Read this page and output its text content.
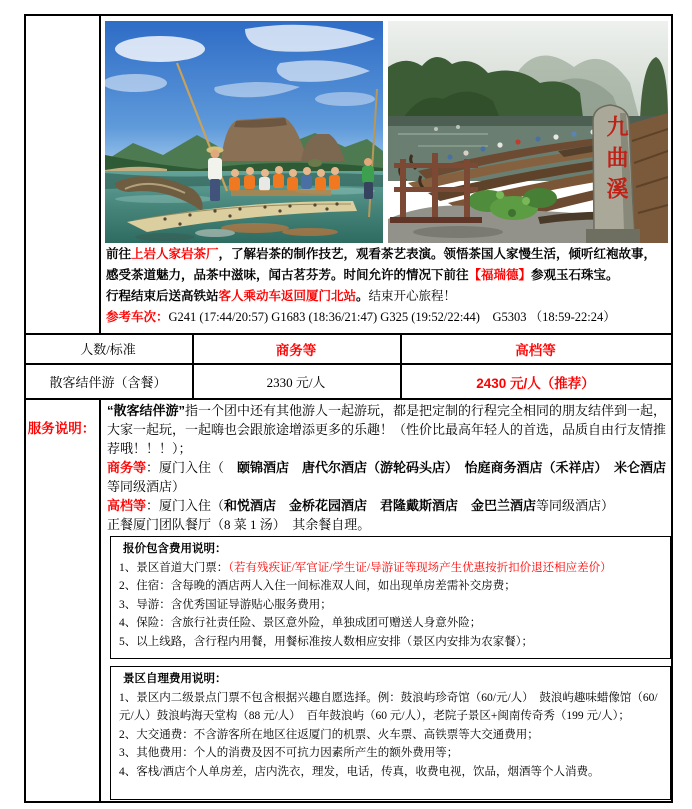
九曲溪

前往上岩人家岩茶厂，了解岩茶的制作技艺，观看茶艺表演。领悟茶国人家慢生活，倾听红袍故事，感受茶道魅力，品茶中滋味，闻古茗芬芳。时间允许的情况下前往【福瑞德】参观玉石珠宝。

行程结束后送高铁站客人乘动车返回厦门北站。结束开心旅程！

参考车次：G241 (17:44/20:57) G1683 (18:36/21:47) G325 (19:52/22:44)　G5303 （18:59-22:24）

人数/标准	商务等	高档等
散客结伴游（含餐）	2330 元/人	2430 元/人（推荐）
服务说明：

“散客结伴游”指一个团中还有其他游人一起游玩，都是把定制的行程完全相同的朋友结伴到一起，大家一起玩，一起嗨也会跟旅途增添更多的乐趣！（性价比最高年轻人的首选，品质自由行友情推荐哦！！！）；

商务等：厦门入住（　颐锦酒店　唐代尔酒店（游轮码头店）　怡庭商务酒店（禾祥店）　米仑酒店等同级酒店）

高档等：厦门入住（和悦酒店　金桥花园酒店　君隆戴斯酒店　金巴兰酒店等同级酒店）

正餐厦门团队餐厅（8 菜 1 汤）　其余餐自理。

报价包含费用说明：
1、景区首道大门票：（若有残疾证/军官证/学生证/导游证等现场产生优惠按折扣价退还相应差价）
2、住宿：含每晚的酒店两人入住一间标准双人间，如出现单房差需补交房费；
3、导游：含优秀国证导游贴心服务费用；
4、保险：含旅行社责任险、景区意外险，单独成团可赠送人身意外险；
5、以上线路，含行程内用餐，用餐标准按人数相应安排（景区内安排为农家餐）；
景区自理费用说明：
1、景区内二级景点门票不包含根据兴趣自愿选择。例：鼓浪屿珍奇馆（60/元/人）　鼓浪屿趣味蜡像馆（60/元/人）鼓浪屿海天堂构（88 元/人）　百年鼓浪屿（60 元/人），老院子景区+闽南传奇秀（199 元/人）；
2、大交通费：不含游客所在地区往返厦门的机票、火车票、高铁票等大交通费用；
3、其他费用：个人的消费及因不可抗力因素所产生的额外费用等；
4、客栈/酒店个人单房差，店内洗衣，理发，电话，传真，收费电视，饮品，烟酒等个人消费。
